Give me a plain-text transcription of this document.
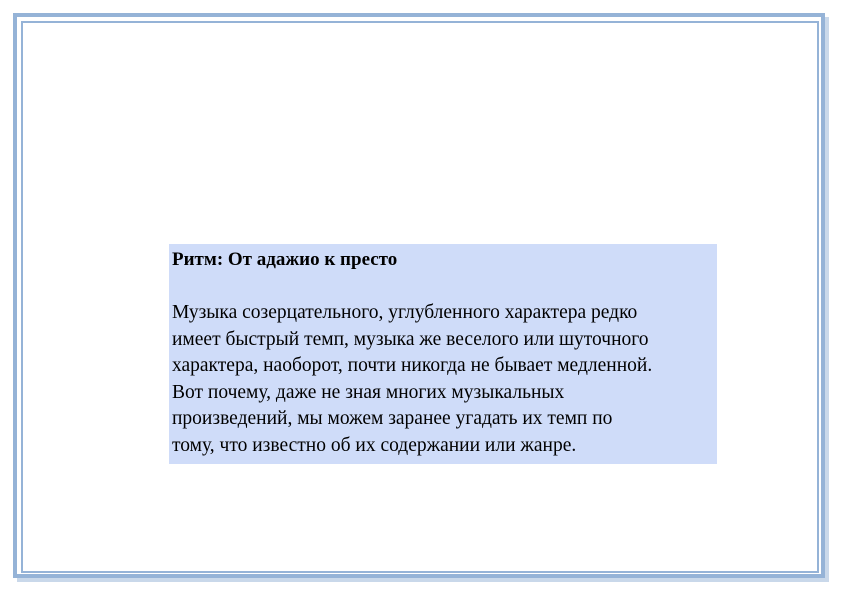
Ритм: От адажио к престо

Музыка созерцательного, углубленного характера редко
имеет быстрый темп, музыка же веселого или шуточного
характера, наоборот, почти никогда не бывает медленной.
Вот почему, даже не зная многих музыкальных
произведений, мы можем заранее угадать их темп по
тому, что известно об их содержании или жанре.
